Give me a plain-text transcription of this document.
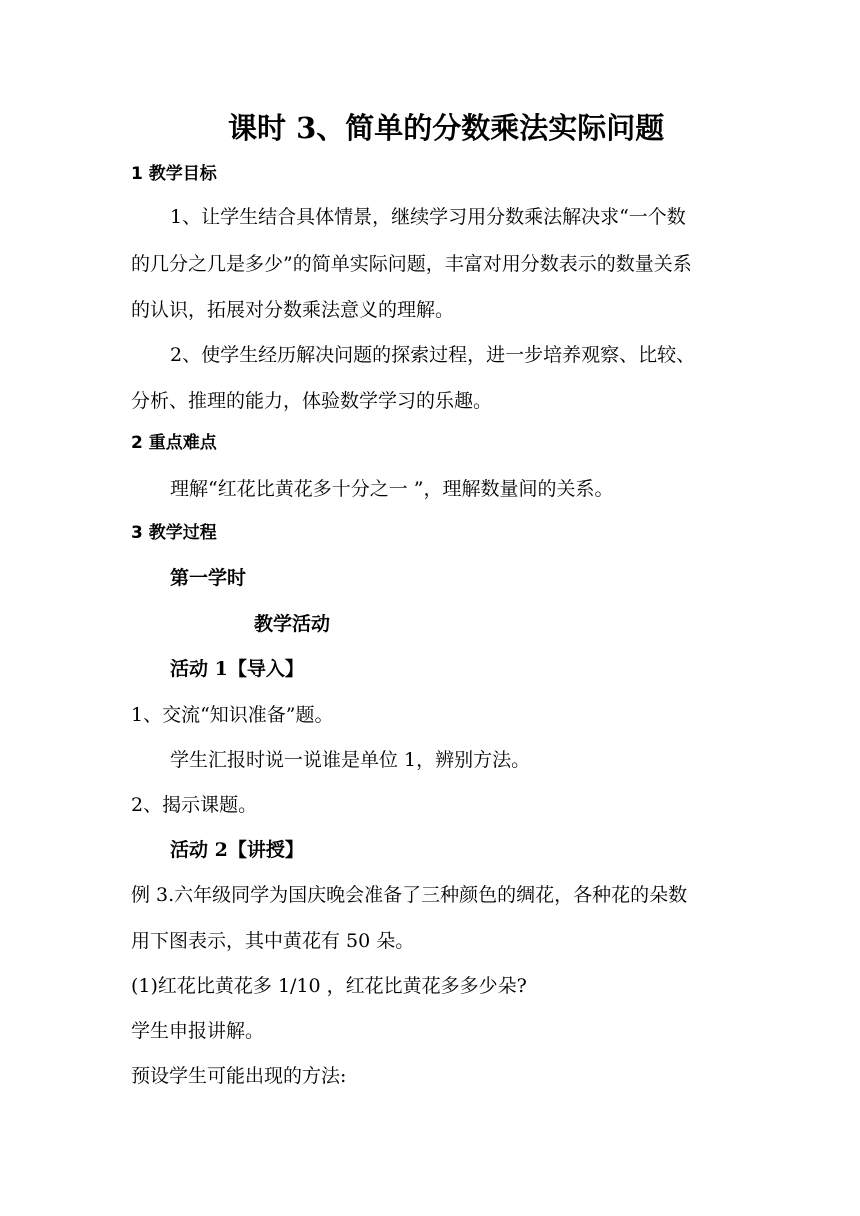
课时 3、简单的分数乘法实际问题
1 教学目标
1、让学生结合具体情景，继续学习用分数乘法解决求“一个数
的几分之几是多少”的简单实际问题，丰富对用分数表示的数量关系
的认识，拓展对分数乘法意义的理解。
2、使学生经历解决问题的探索过程，进一步培养观察、比较、
分析、推理的能力，体验数学学习的乐趣。
2 重点难点
理解“红花比黄花多十分之一 ”，理解数量间的关系。
3 教学过程
第一学时
教学活动
活动 1【导入】
1、交流“知识准备”题。
学生汇报时说一说谁是单位 1，辨别方法。
2、揭示课题。
活动 2【讲授】
例 3.六年级同学为国庆晚会准备了三种颜色的绸花，各种花的朵数
用下图表示，其中黄花有 50 朵。
(1)红花比黄花多 1/10 ，红花比黄花多多少朵?
学生申报讲解。
预设学生可能出现的方法:
